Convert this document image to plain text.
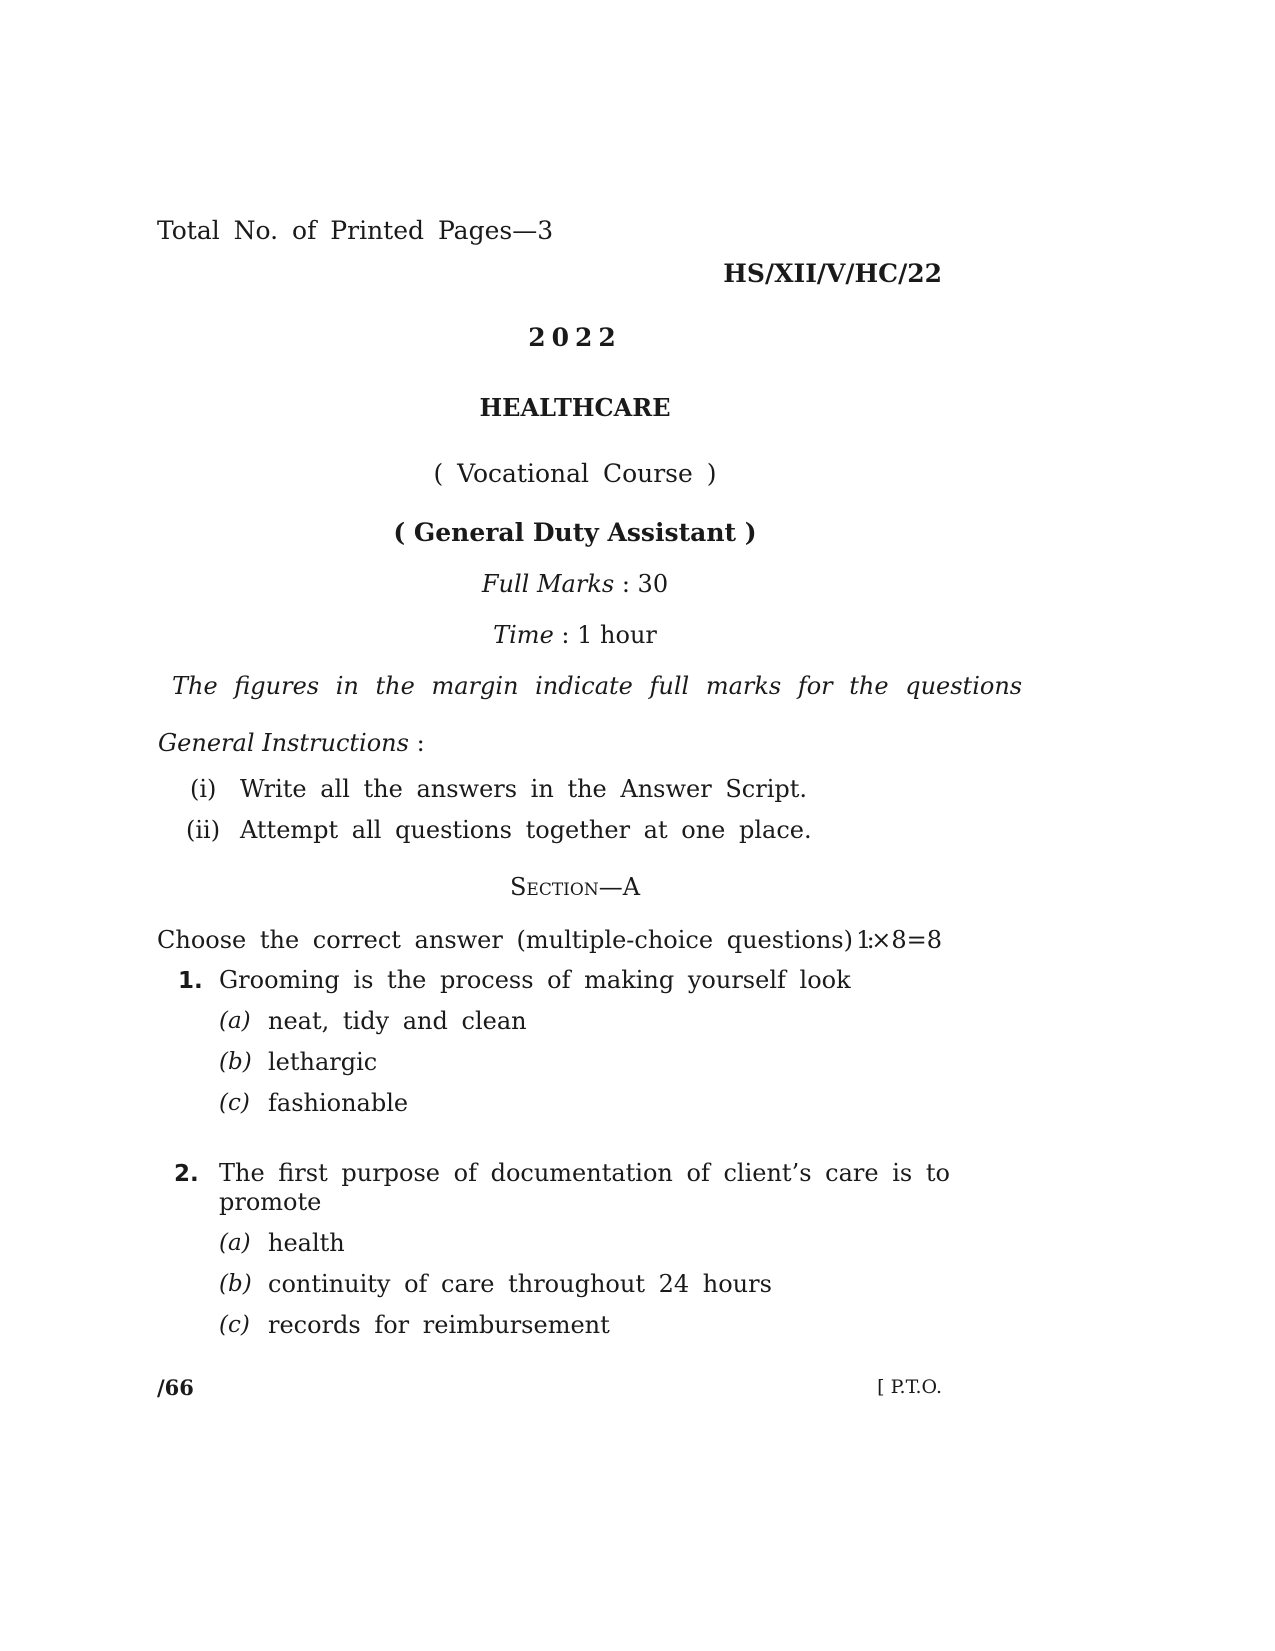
Total No. of Printed Pages—3
HS/XII/V/HC/22
2022
HEALTHCARE
( Vocational Course )
( General Duty Assistant )
Full Marks : 30
Time : 1 hour
The figures in the margin indicate full marks for the questions
General Instructions :
(i) Write all the answers in the Answer Script.
(ii) Attempt all questions together at one place.
Section—A
Choose the correct answer (multiple-choice questions) :
1×8=8
1. Grooming is the process of making yourself look
(a) neat, tidy and clean
(b) lethargic
(c) fashionable
2. The first purpose of documentation of client’s care is to
promote
(a) health
(b) continuity of care throughout 24 hours
(c) records for reimbursement
/66	[ P.T.O.
